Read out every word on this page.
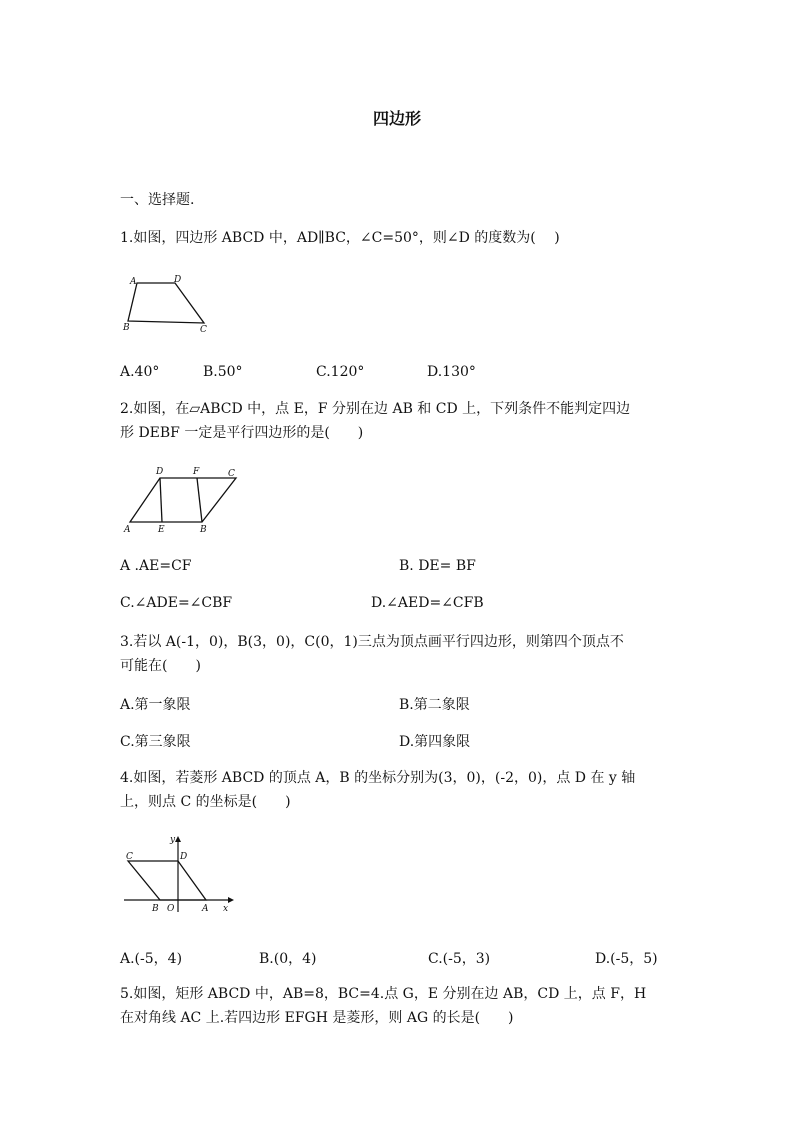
四边形
一、选择题.
1.如图，四边形 ABCD 中，AD∥BC，∠C=50°，则∠D 的度数为(　 )
A	D
B	C
A.40°	B.50°	C.120°	D.130°
2.如图，在▱ABCD 中，点 E，F 分别在边 AB 和 CD 上，下列条件不能判定四边
形 DEBF 一定是平行四边形的是(　　)
D	F	C
A	E	B
A .AE=CF	B. DE= BF
C.∠ADE=∠CBF	D.∠AED=∠CFB
3.若以 A(-1，0)，B(3，0)，C(0，1)三点为顶点画平行四边形，则第四个顶点不
可能在(　　)
A.第一象限	B.第二象限
C.第三象限	D.第四象限
4.如图，若菱形 ABCD 的顶点 A，B 的坐标分别为(3，0)，(-2，0)，点 D 在 y 轴
上，则点 C 的坐标是(　　)
y
C	D
B O	A x
A.(-5，4)	B.(0，4)	C.(-5，3)	D.(-5，5)
5.如图，矩形 ABCD 中，AB=8，BC=4.点 G，E 分别在边 AB，CD 上，点 F，H
在对角线 AC 上.若四边形 EFGH 是菱形，则 AG 的长是(　　)
